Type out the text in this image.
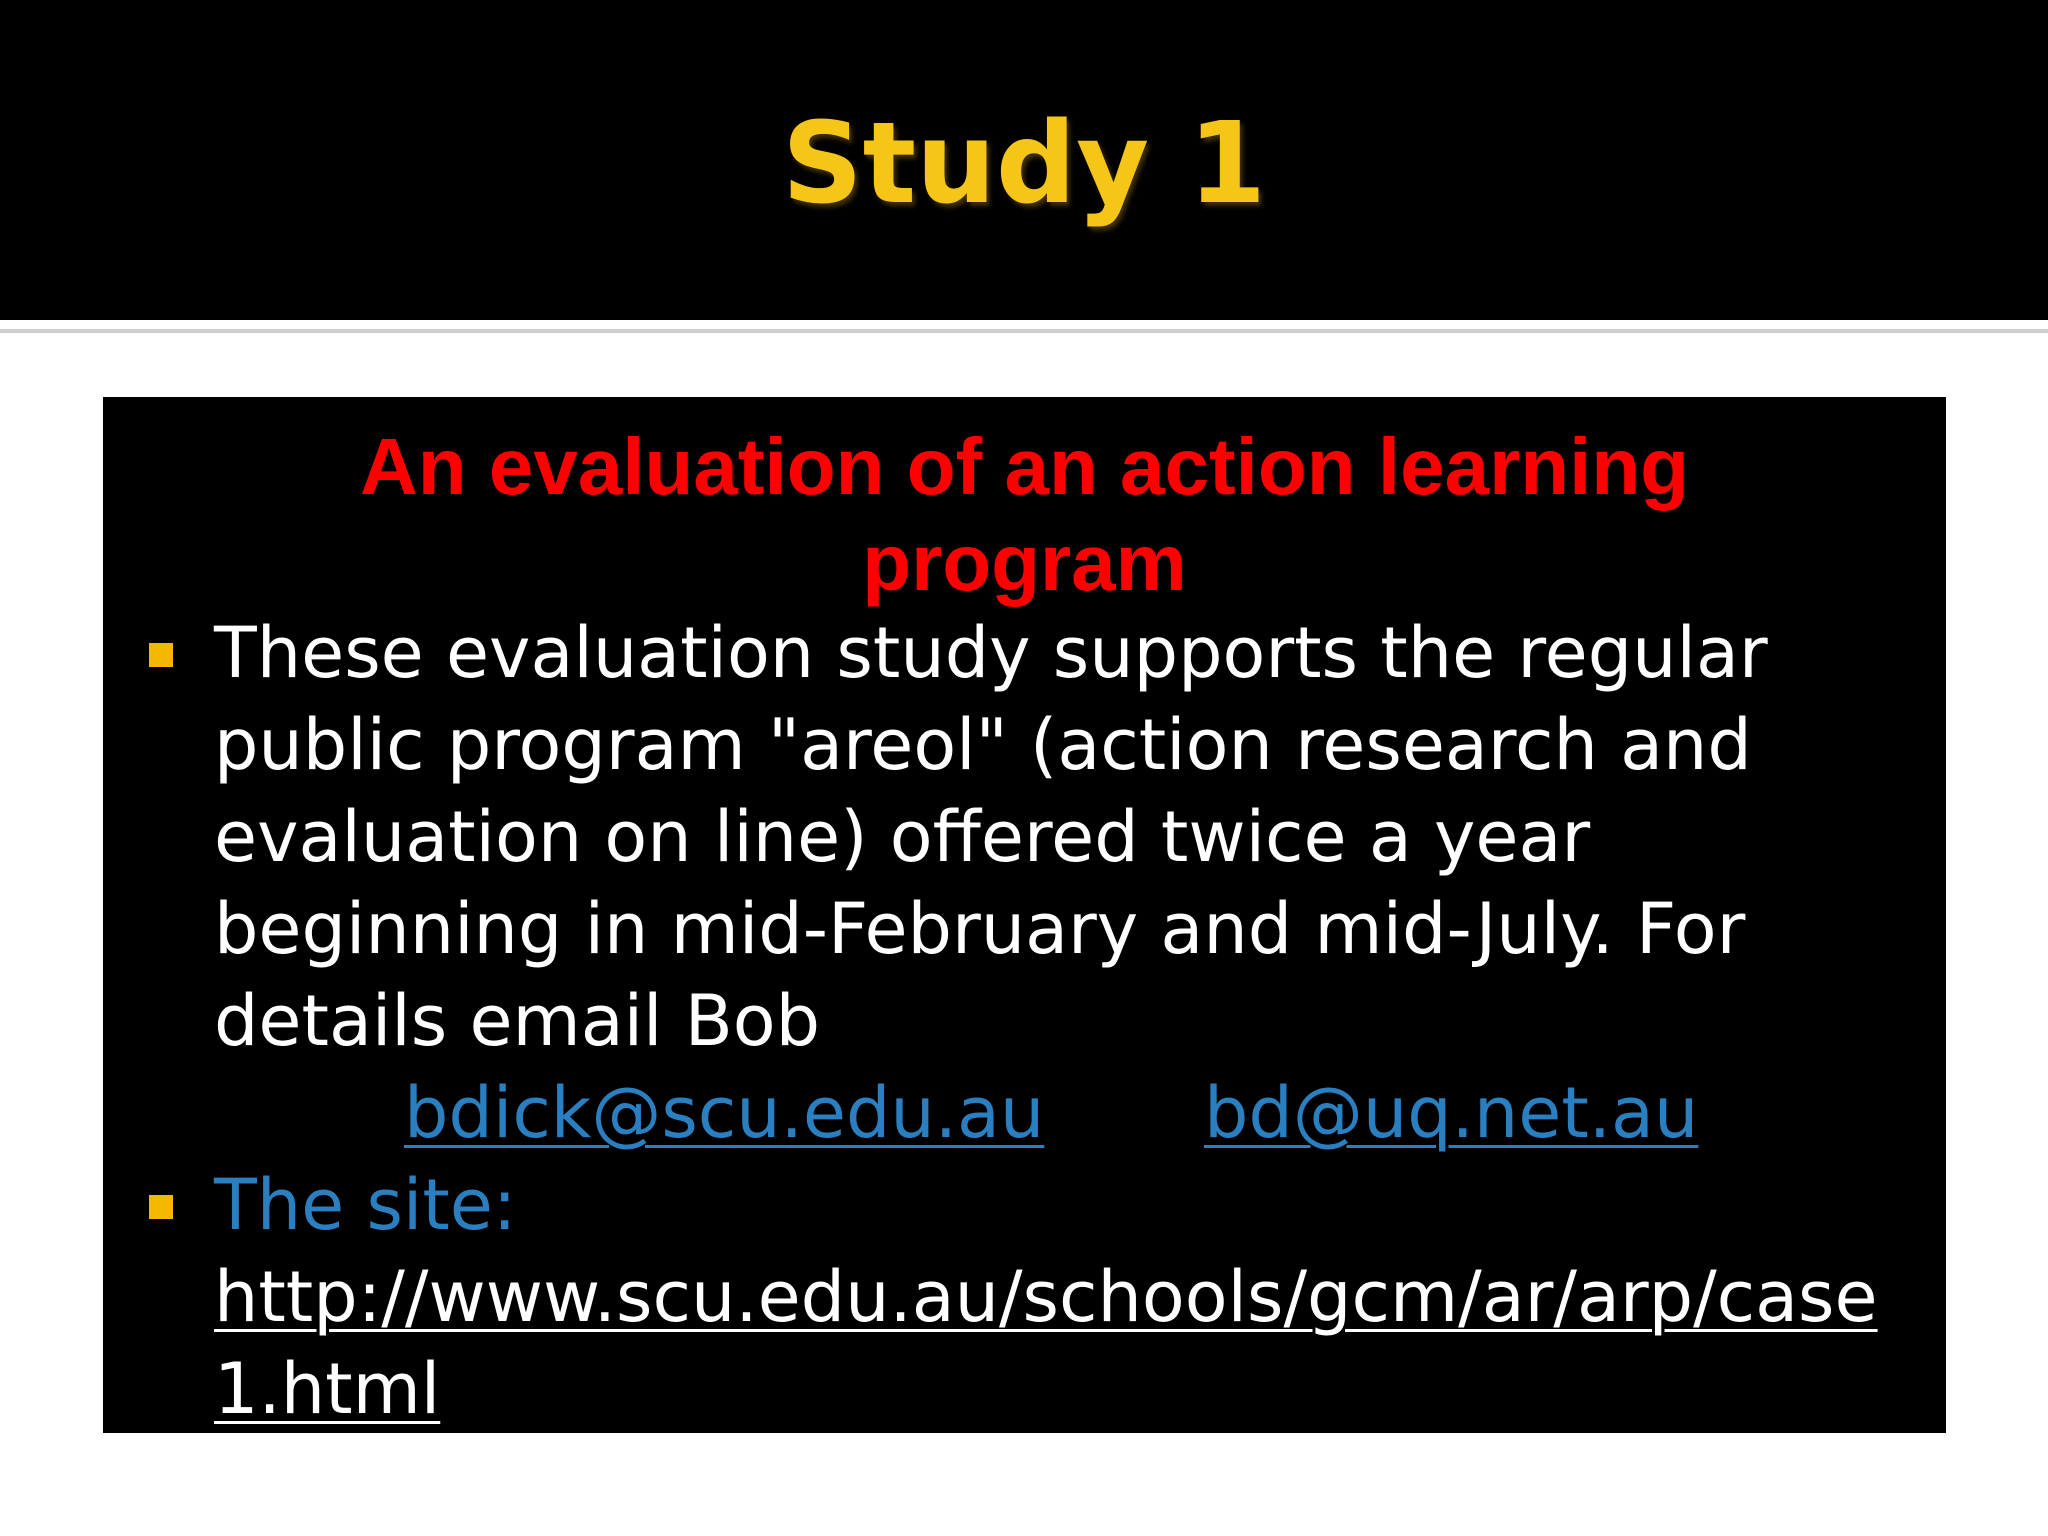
Study 1
An evaluation of an action learning
program
These evaluation study supports the regular
public program "areol" (action research and
evaluation on line) offered twice a year
beginning in mid-February and mid-July. For
details email Bob
bdick@scu.edu.au bd@uq.net.au
The site:
http://www.scu.edu.au/schools/gcm/ar/arp/case
1.html
